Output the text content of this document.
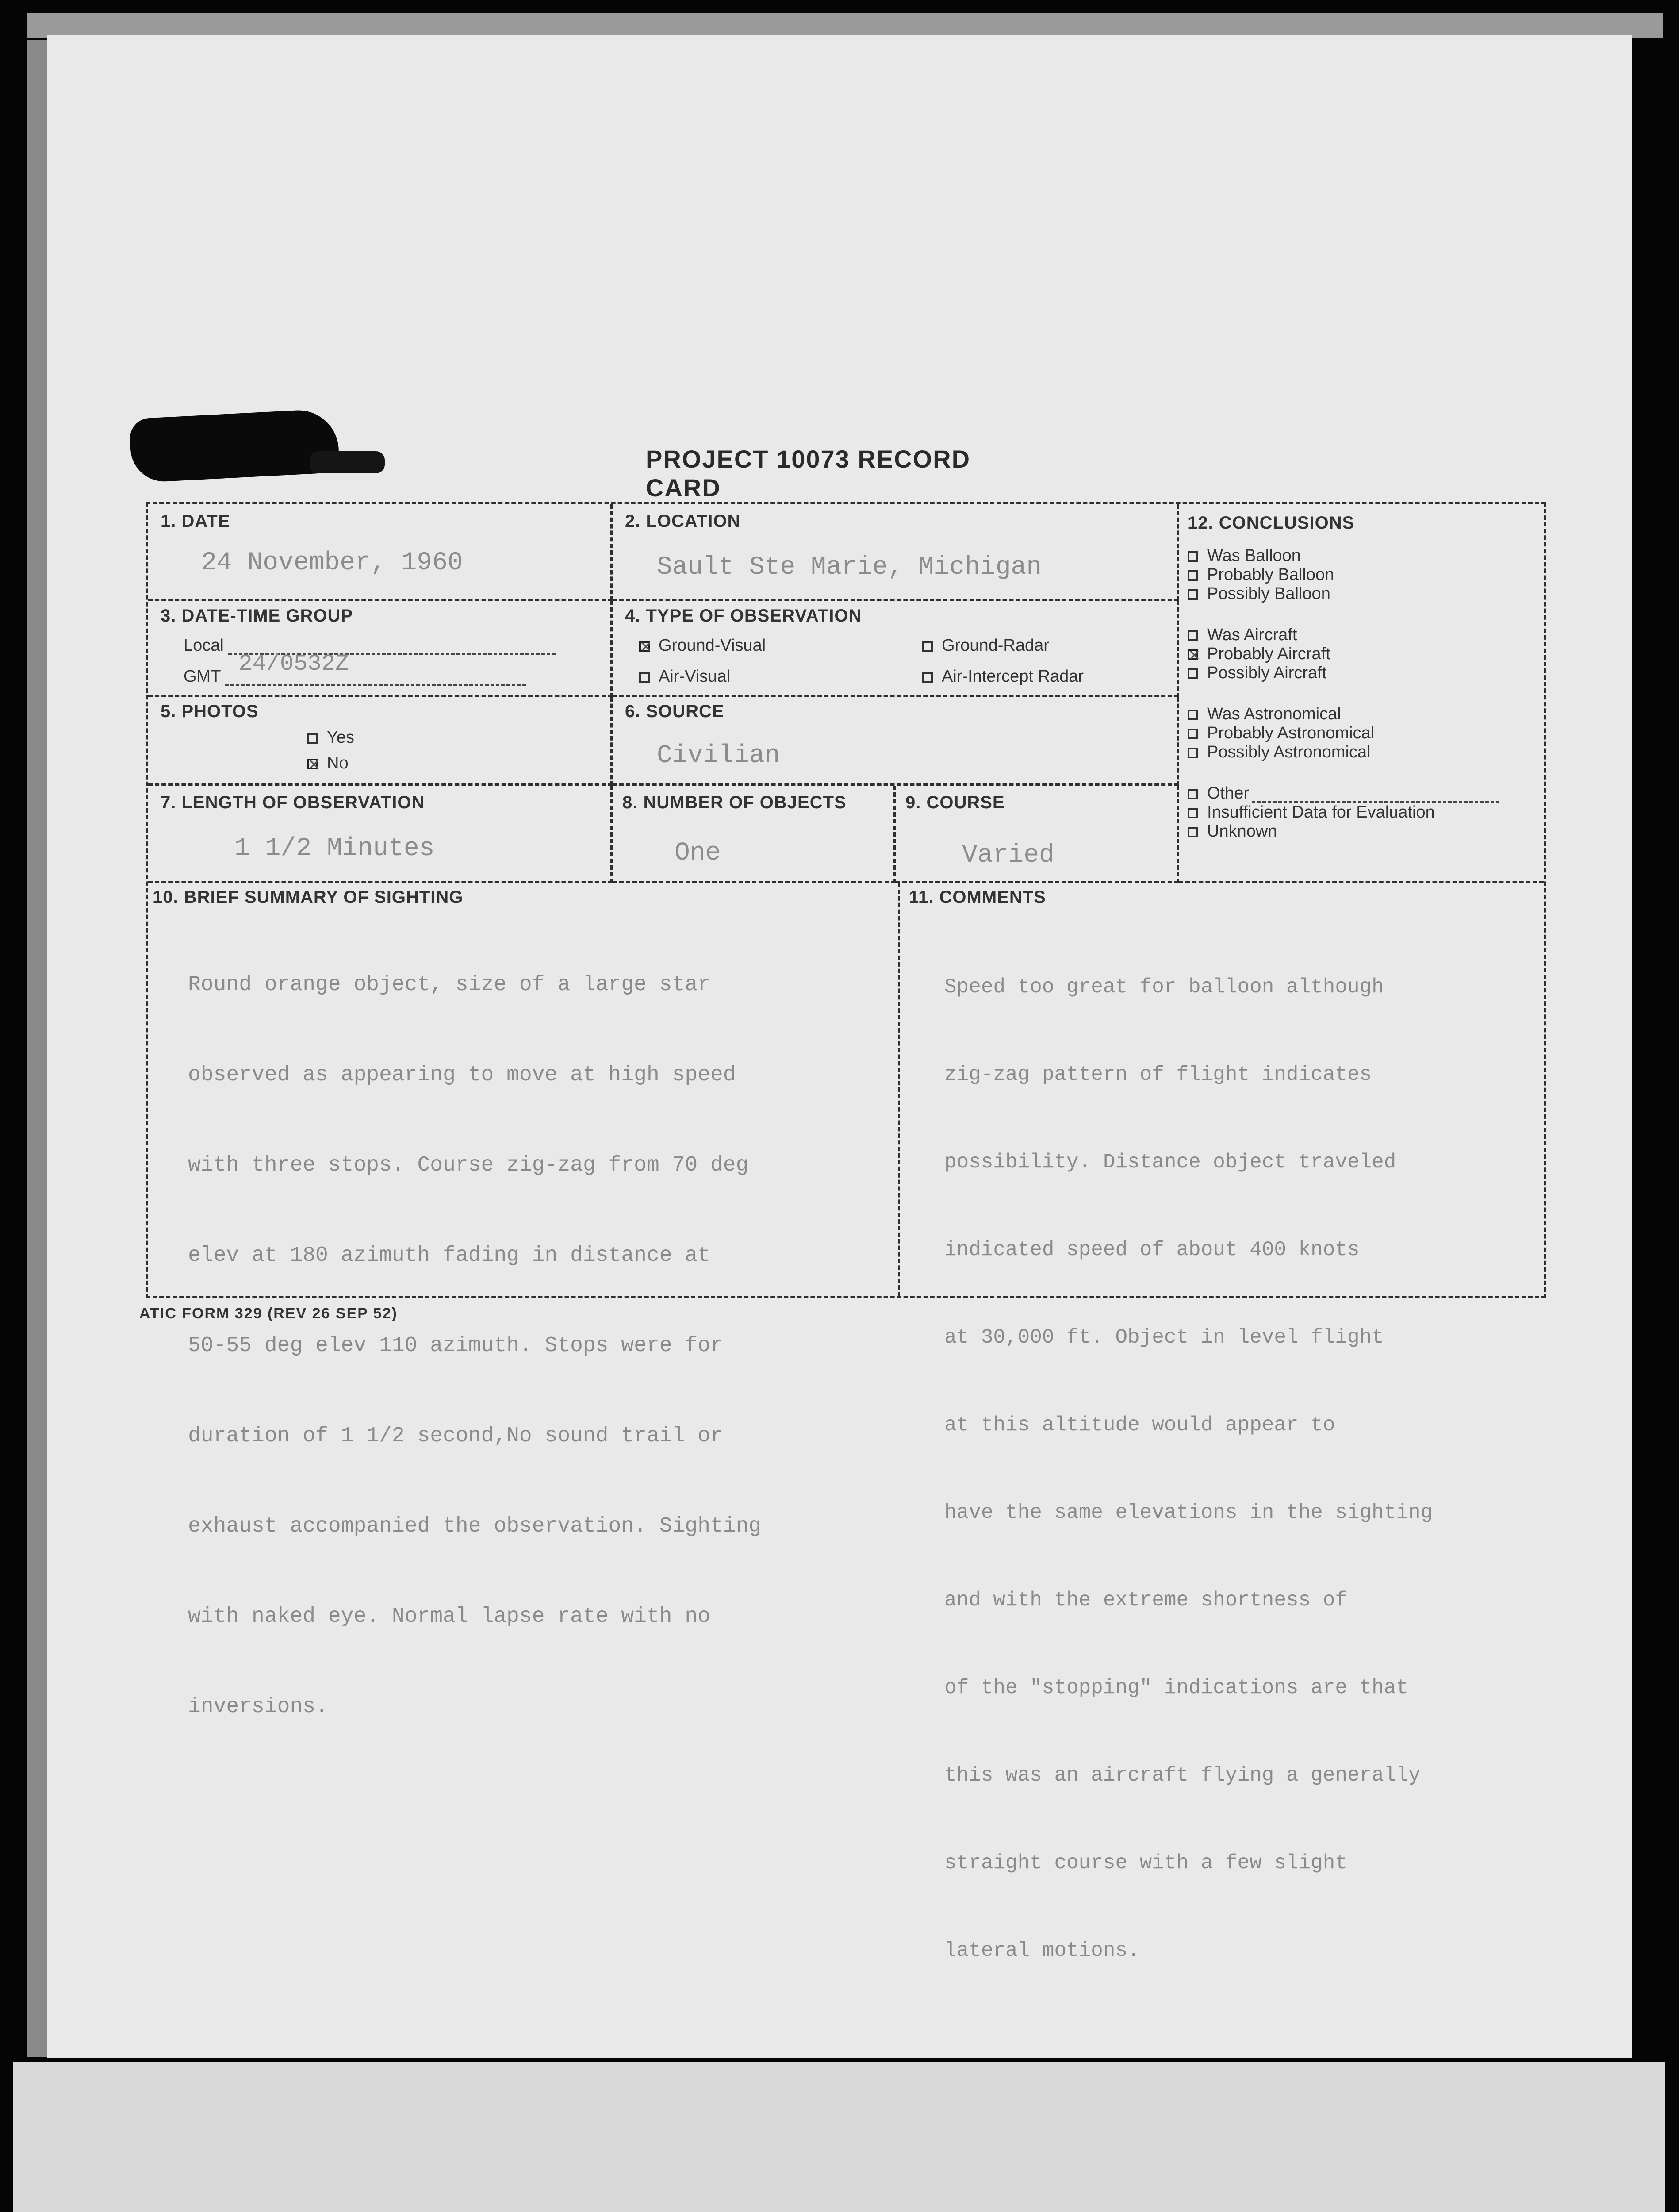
PROJECT 10073 RECORD CARD
1. DATE
24 November, 1960
2. LOCATION
Sault Ste Marie, Michigan
3. DATE-TIME GROUP
Local
GMT 24/0532Z
4. TYPE OF OBSERVATION
✕Ground-Visual	Ground-Radar
Air-Visual	Air-Intercept Radar
5. PHOTOS
Yes
✕No
6. SOURCE
Civilian
7. LENGTH OF OBSERVATION
1 1/2 Minutes
8. NUMBER OF OBJECTS
One
9. COURSE
Varied
12. CONCLUSIONS
Was Balloon
Probably Balloon
Possibly Balloon
Was Aircraft
✕Probably Aircraft
Possibly Aircraft
Was Astronomical
Probably Astronomical
Possibly Astronomical
Other
Insufficient Data for Evaluation
Unknown
10. BRIEF SUMMARY OF SIGHTING

Round orange object, size of a large star

observed as appearing to move at high speed

with three stops. Course zig-zag from 70 deg

elev at 180 azimuth fading in distance at

50-55 deg elev 110 azimuth. Stops were for

duration of 1 1/2 second,No sound trail or

exhaust accompanied the observation. Sighting

with naked eye. Normal lapse rate with no

inversions.

11. COMMENTS

Speed too great for balloon although

zig-zag pattern of flight indicates

possibility. Distance object traveled

indicated speed of about 400 knots

at 30,000 ft. Object in level flight

at this altitude would appear to

have the same elevations in the sighting

and with the extreme shortness of

of the "stopping" indications are that

this was an aircraft flying a generally

straight course with a few slight

lateral motions.

ATIC FORM 329 (REV 26 SEP 52)
